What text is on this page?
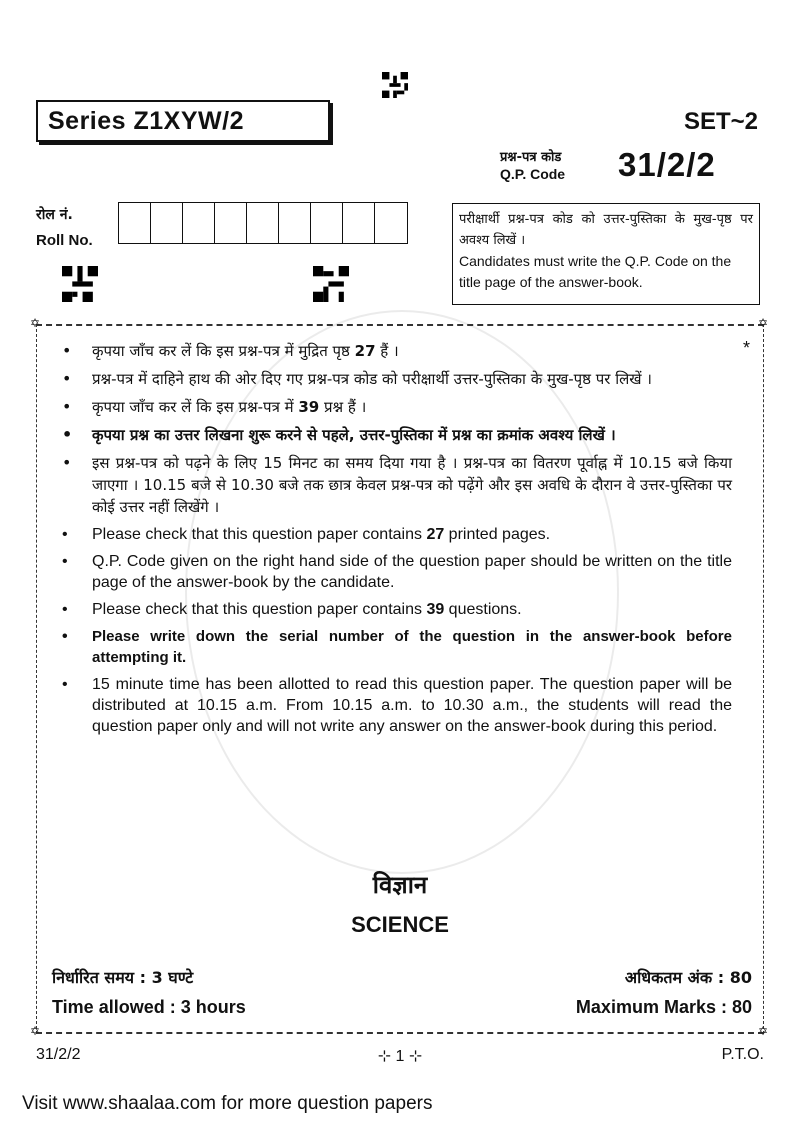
Series Z1XYW/2	SET~2
प्रश्न-पत्र कोड
Q.P. Code 31/2/2
रोल नं.
Roll No.
परीक्षार्थी प्रश्न-पत्र कोड को उत्तर-पुस्तिका के मुख-पृष्ठ पर अवश्य लिखें ।
Candidates must write the Q.P. Code on the title page of the answer-book.
✡	✡
✡	✡
*
• कृपया जाँच कर लें कि इस प्रश्न-पत्र में मुद्रित पृष्ठ 27 हैं ।
• प्रश्न-पत्र में दाहिने हाथ की ओर दिए गए प्रश्न-पत्र कोड को परीक्षार्थी उत्तर-पुस्तिका के मुख-पृष्ठ पर लिखें ।
• कृपया जाँच कर लें कि इस प्रश्न-पत्र में 39 प्रश्न हैं ।
• कृपया प्रश्न का उत्तर लिखना शुरू करने से पहले, उत्तर-पुस्तिका में प्रश्न का क्रमांक अवश्य लिखें ।
• इस प्रश्न-पत्र को पढ़ने के लिए 15 मिनट का समय दिया गया है । प्रश्न-पत्र का वितरण पूर्वाह्न में 10.15 बजे किया जाएगा । 10.15 बजे से 10.30 बजे तक छात्र केवल प्रश्न-पत्र को पढ़ेंगे और इस अवधि के दौरान वे उत्तर-पुस्तिका पर कोई उत्तर नहीं लिखेंगे ।
• Please check that this question paper contains 27 printed pages.
• Q.P. Code given on the right hand side of the question paper should be written on the title page of the answer-book by the candidate.
• Please check that this question paper contains 39 questions.
• Please write down the serial number of the question in the answer-book before attempting it.
• 15 minute time has been allotted to read this question paper. The question paper will be distributed at 10.15 a.m. From 10.15 a.m. to 10.30 a.m., the students will read the question paper only and will not write any answer on the answer-book during this period.
विज्ञान
SCIENCE
निर्धारित समय : 3 घण्टे	अधिकतम अंक : 80
Time allowed : 3 hours	Maximum Marks : 80
31/2/2	⊹ 1 ⊹	P.T.O.
Visit www.shaalaa.com for more question papers
